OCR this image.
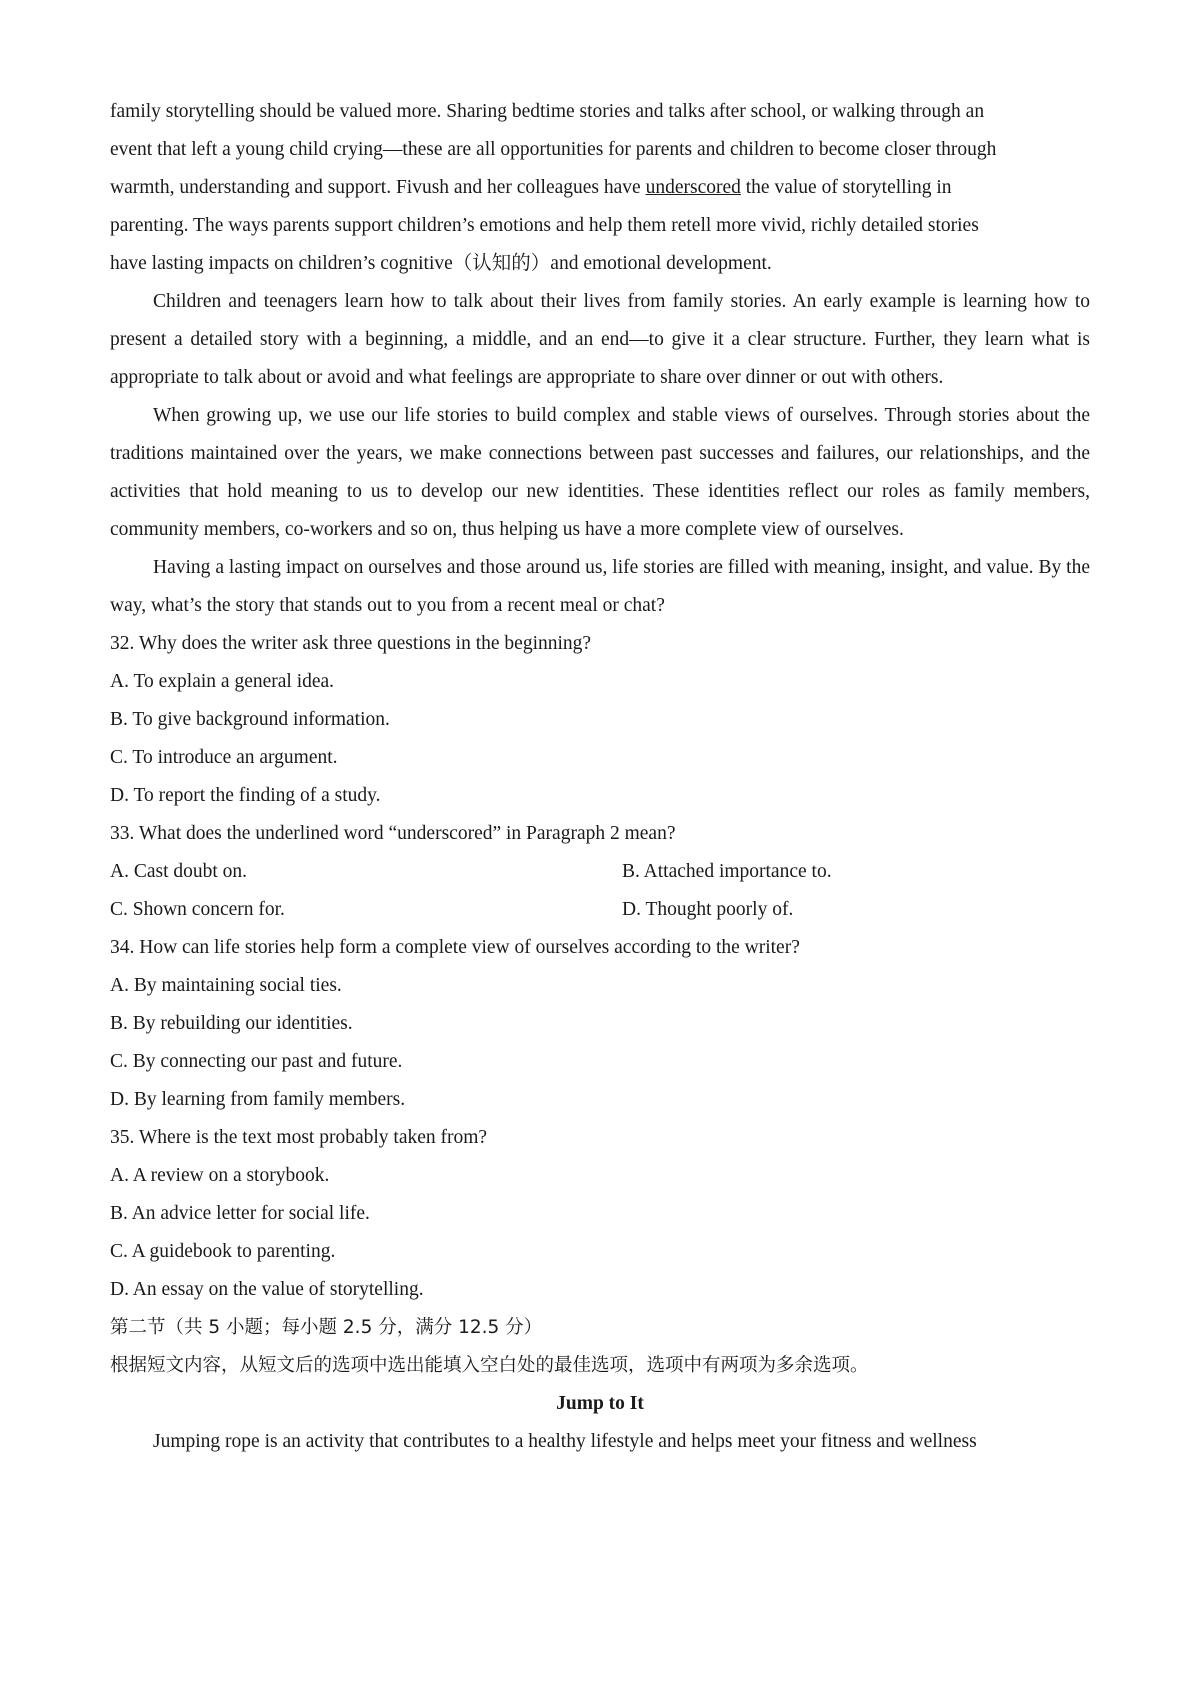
family storytelling should be valued more. Sharing bedtime stories and talks after school, or walking through an

event that left a young child crying—these are all opportunities for parents and children to become closer through

warmth, understanding and support. Fivush and her colleagues have underscored the value of storytelling in

parenting. The ways parents support children’s emotions and help them retell more vivid, richly detailed stories

have lasting impacts on children’s cognitive（认知的）and emotional development.

Children and teenagers learn how to talk about their lives from family stories. An early example is learning how to present a detailed story with a beginning, a middle, and an end—to give it a clear structure. Further, they learn what is appropriate to talk about or avoid and what feelings are appropriate to share over dinner or out with others.

When growing up, we use our life stories to build complex and stable views of ourselves. Through stories about the traditions maintained over the years, we make connections between past successes and failures, our relationships, and the activities that hold meaning to us to develop our new identities. These identities reflect our roles as family members, community members, co-workers and so on, thus helping us have a more complete view of ourselves.

Having a lasting impact on ourselves and those around us, life stories are filled with meaning, insight, and value. By the way, what’s the story that stands out to you from a recent meal or chat?

32. Why does the writer ask three questions in the beginning?

A. To explain a general idea.

B. To give background information.

C. To introduce an argument.

D. To report the finding of a study.

33. What does the underlined word “underscored” in Paragraph 2 mean?

A. Cast doubt on.	B. Attached importance to.
C. Shown concern for.	D. Thought poorly of.

34. How can life stories help form a complete view of ourselves according to the writer?

A. By maintaining social ties.

B. By rebuilding our identities.

C. By connecting our past and future.

D. By learning from family members.

35. Where is the text most probably taken from?

A. A review on a storybook.

B. An advice letter for social life.

C. A guidebook to parenting.

D. An essay on the value of storytelling.

第二节（共 5 小题；每小题 2.5 分，满分 12.5 分）

根据短文内容，从短文后的选项中选出能填入空白处的最佳选项，选项中有两项为多余选项。

Jump to It

Jumping rope is an activity that contributes to a healthy lifestyle and helps meet your fitness and wellness
